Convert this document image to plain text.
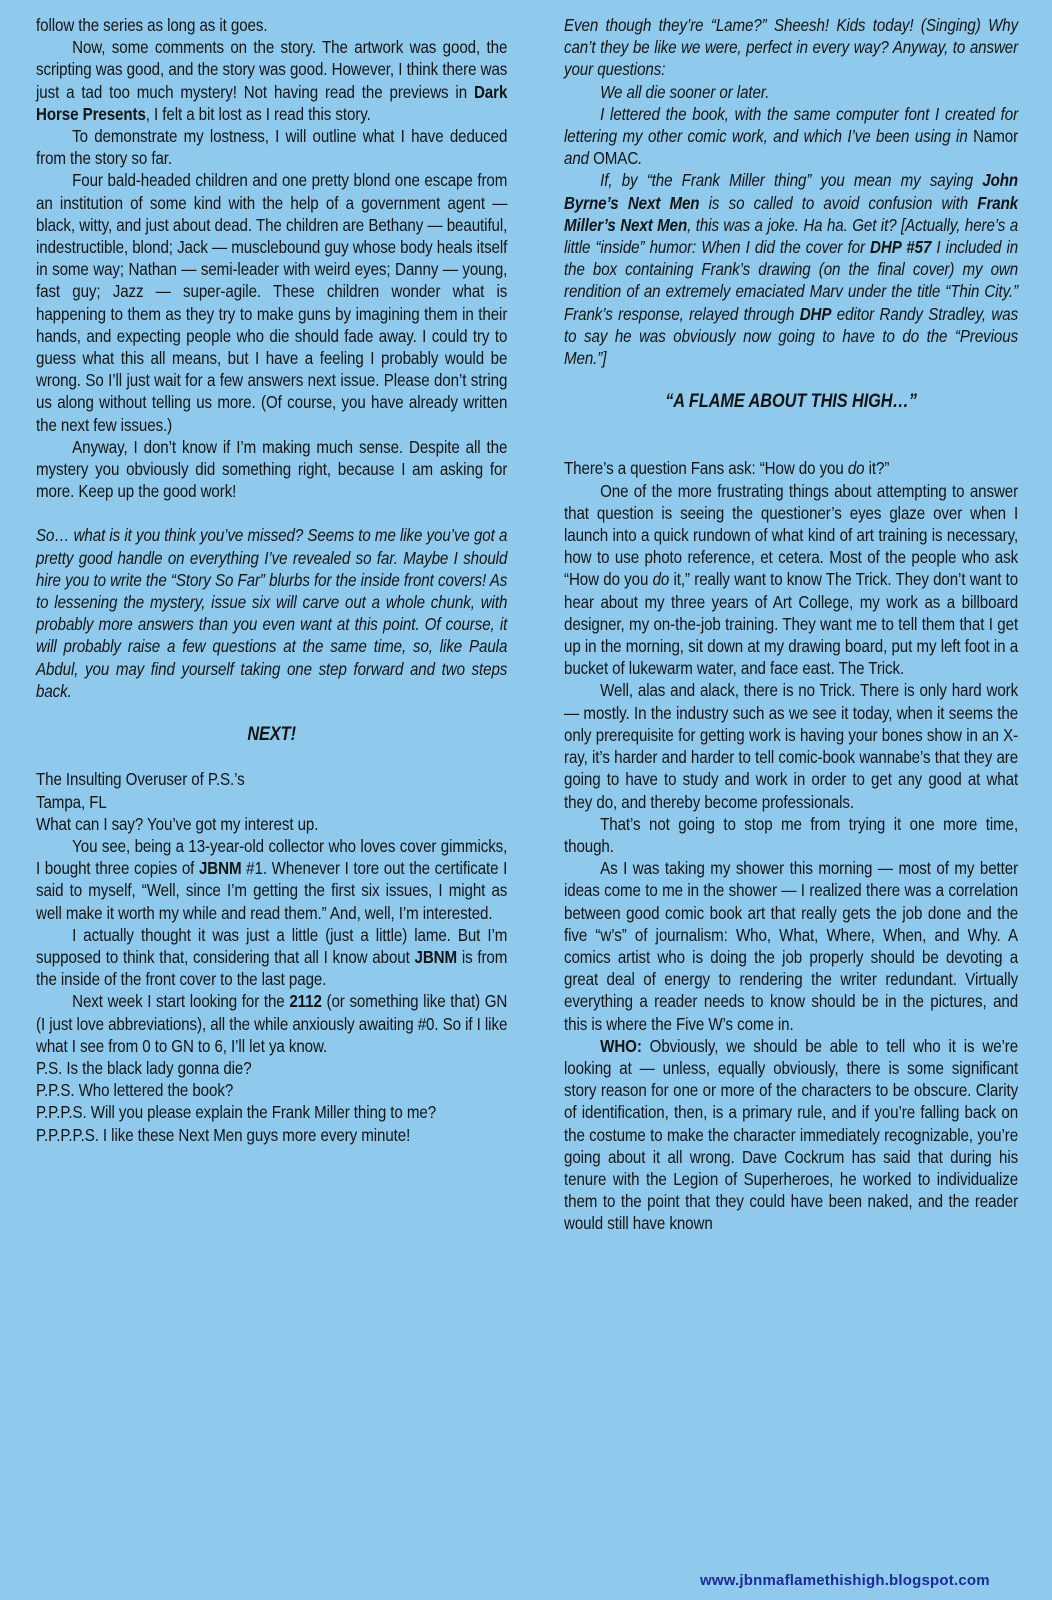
follow the series as long as it goes.

Now, some comments on the story. The artwork was good, the scripting was good, and the story was good. However, I think there was just a tad too much mystery! Not having read the previews in Dark Horse Presents, I felt a bit lost as I read this story.

To demonstrate my lostness, I will outline what I have deduced from the story so far.

Four bald-headed children and one pretty blond one escape from an institution of some kind with the help of a government agent — black, witty, and just about dead. The children are Bethany — beautiful, indestructible, blond; Jack — musclebound guy whose body heals itself in some way; Nathan — semi-leader with weird eyes; Danny — young, fast guy; Jazz — super-agile. These children wonder what is happening to them as they try to make guns by imagining them in their hands, and expecting people who die should fade away. I could try to guess what this all means, but I have a feeling I probably would be wrong. So I’ll just wait for a few answers next issue. Please don’t string us along without telling us more. (Of course, you have already written the next few issues.)

Anyway, I don’t know if I’m making much sense. Despite all the mystery you obviously did something right, because I am asking for more. Keep up the good work!

So… what is it you think you’ve missed? Seems to me like you’ve got a pretty good handle on everything I’ve revealed so far. Maybe I should hire you to write the “Story So Far” blurbs for the inside front covers! As to lessening the mystery, issue six will carve out a whole chunk, with probably more answers than you even want at this point. Of course, it will probably raise a few questions at the same time, so, like Paula Abdul, you may find yourself taking one step forward and two steps back.

NEXT!

The Insulting Overuser of P.S.’s

Tampa, FL

What can I say? You’ve got my interest up.

You see, being a 13-year-old collector who loves cover gimmicks, I bought three copies of JBNM #1. Whenever I tore out the certificate I said to myself, “Well, since I’m getting the first six issues, I might as well make it worth my while and read them.” And, well, I’m interested.

I actually thought it was just a little (just a little) lame. But I’m supposed to think that, considering that all I know about JBNM is from the inside of the front cover to the last page.

Next week I start looking for the 2112 (or something like that) GN (I just love abbreviations), all the while anxiously awaiting #0. So if I like what I see from 0 to GN to 6, I’ll let ya know.

P.S. Is the black lady gonna die?

P.P.S. Who lettered the book?

P.P.P.S. Will you please explain the Frank Miller thing to me?

P.P.P.P.S. I like these Next Men guys more every minute!

Even though they’re “Lame?” Sheesh! Kids today! (Singing) Why can’t they be like we were, perfect in every way? Anyway, to answer your questions:

We all die sooner or later.

I lettered the book, with the same computer font I created for lettering my other comic work, and which I’ve been using in Namor and OMAC.

If, by “the Frank Miller thing” you mean my saying John Byrne’s Next Men is so called to avoid confusion with Frank Miller’s Next Men, this was a joke. Ha ha. Get it? [Actually, here’s a little “inside” humor: When I did the cover for DHP #57 I included in the box containing Frank’s drawing (on the final cover) my own rendition of an extremely emaciated Marv under the title “Thin City.” Frank’s response, relayed through DHP editor Randy Stradley, was to say he was obviously now going to have to do the “Previous Men.”]

“A FLAME ABOUT THIS HIGH…”

There’s a question Fans ask: “How do you do it?”

One of the more frustrating things about attempting to answer that question is seeing the questioner’s eyes glaze over when I launch into a quick rundown of what kind of art training is necessary, how to use photo reference, et cetera. Most of the people who ask “How do you do it,” really want to know The Trick. They don’t want to hear about my three years of Art College, my work as a billboard designer, my on-the-job training. They want me to tell them that I get up in the morning, sit down at my drawing board, put my left foot in a bucket of lukewarm water, and face east. The Trick.

Well, alas and alack, there is no Trick. There is only hard work — mostly. In the industry such as we see it today, when it seems the only prerequisite for getting work is having your bones show in an X-ray, it’s harder and harder to tell comic-book wannabe’s that they are going to have to study and work in order to get any good at what they do, and thereby become professionals.

That’s not going to stop me from trying it one more time, though.

As I was taking my shower this morning — most of my better ideas come to me in the shower — I realized there was a correlation between good comic book art that really gets the job done and the five “w’s” of journalism: Who, What, Where, When, and Why. A comics artist who is doing the job properly should be devoting a great deal of energy to rendering the writer redundant. Virtually everything a reader needs to know should be in the pictures, and this is where the Five W’s come in.

WHO: Obviously, we should be able to tell who it is we’re looking at — unless, equally obviously, there is some significant story reason for one or more of the characters to be obscure. Clarity of identification, then, is a primary rule, and if you’re falling back on the costume to make the character immediately recognizable, you’re going about it all wrong. Dave Cockrum has said that during his tenure with the Legion of Superheroes, he worked to individualize them to the point that they could have been naked, and the reader would still have known

www.jbnmaflamethishigh.blogspot.com
